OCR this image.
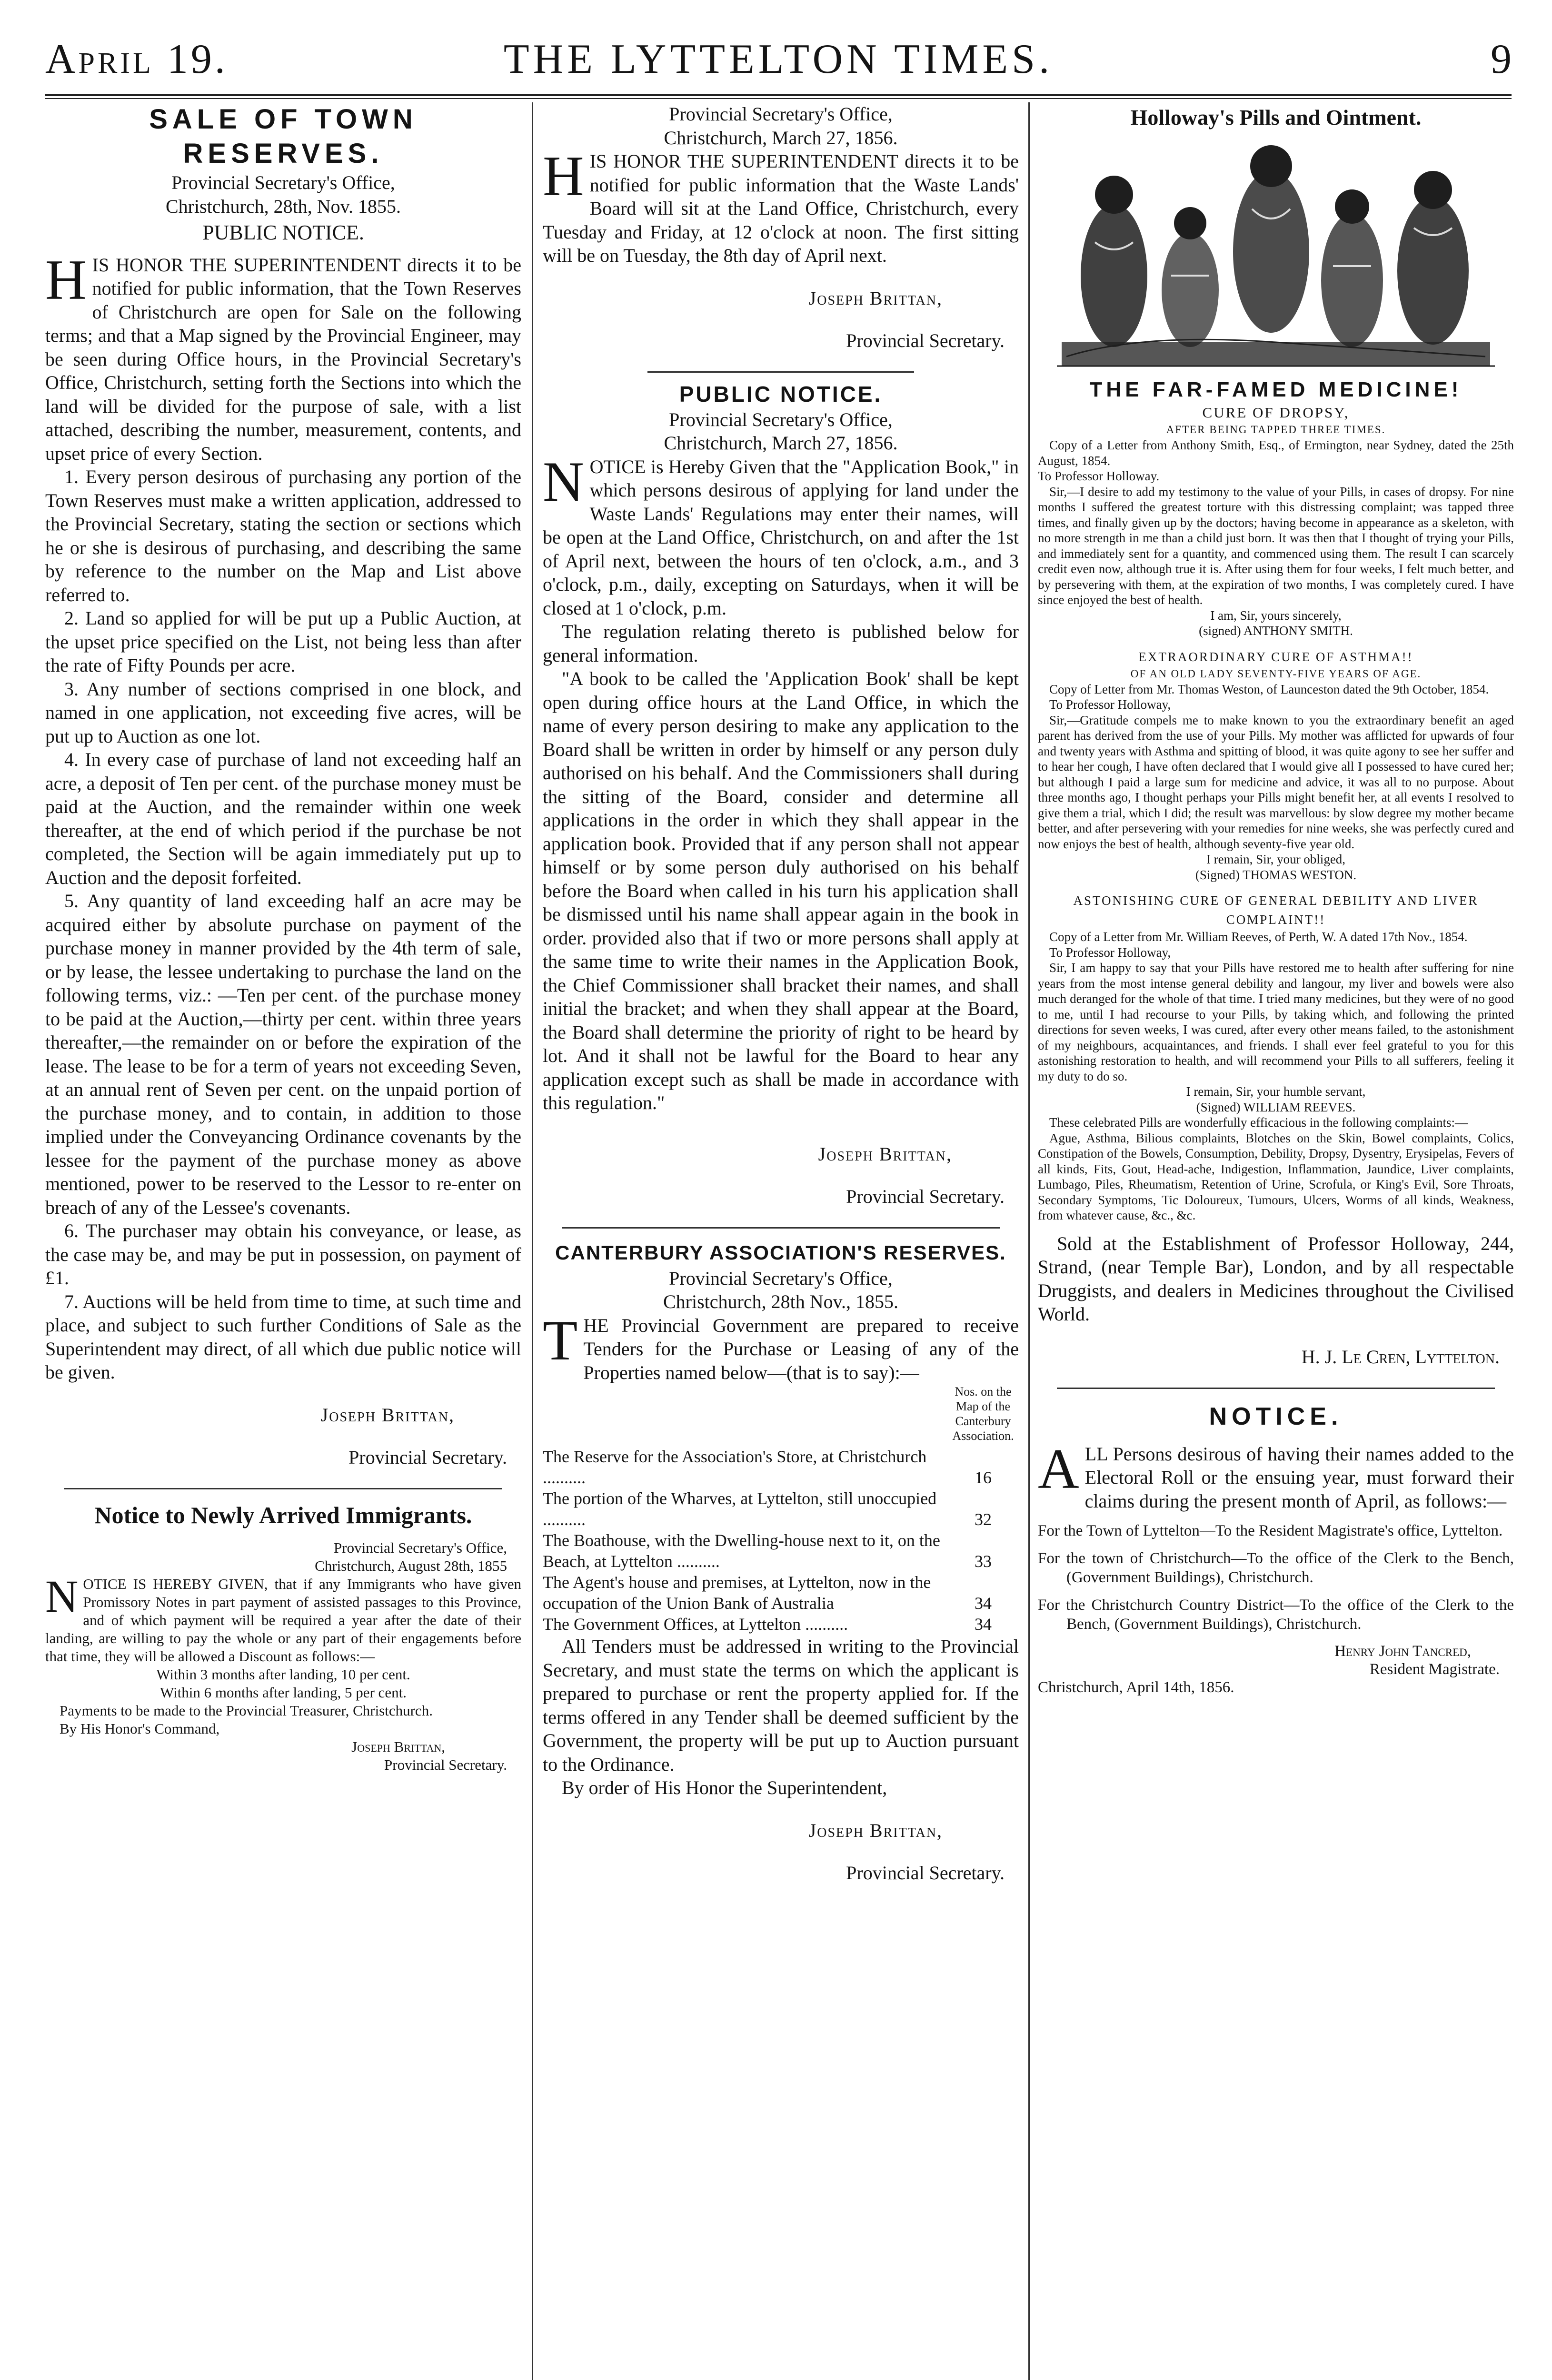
April 19.	THE LYTTELTON TIMES.	9

SALE OF TOWN RESERVES.

Provincial Secretary's Office,

Christchurch, 28th, Nov. 1855.

PUBLIC NOTICE.

HIS HONOR THE SUPERINTENDENT directs it to be notified for public information, that the Town Reserves of Christchurch are open for Sale on the following terms; and that a Map signed by the Provincial Engineer, may be seen during Office hours, in the Provincial Secretary's Office, Christchurch, setting forth the Sections into which the land will be divided for the purpose of sale, with a list attached, describing the number, measurement, contents, and upset price of every Section.

1. Every person desirous of purchasing any portion of the Town Reserves must make a written application, addressed to the Provincial Secretary, stating the section or sections which he or she is desirous of purchasing, and describing the same by reference to the number on the Map and List above referred to.

2. Land so applied for will be put up a Public Auction, at the upset price specified on the List, not being less than after the rate of Fifty Pounds per acre.

3. Any number of sections comprised in one block, and named in one application, not exceeding five acres, will be put up to Auction as one lot.

4. In every case of purchase of land not exceeding half an acre, a deposit of Ten per cent. of the purchase money must be paid at the Auction, and the remainder within one week thereafter, at the end of which period if the purchase be not completed, the Section will be again immediately put up to Auction and the deposit forfeited.

5. Any quantity of land exceeding half an acre may be acquired either by absolute purchase on payment of the purchase money in manner provided by the 4th term of sale, or by lease, the lessee undertaking to purchase the land on the following terms, viz.: —Ten per cent. of the purchase money to be paid at the Auction,—thirty per cent. within three years thereafter,—the remainder on or before the expiration of the lease. The lease to be for a term of years not exceeding Seven, at an annual rent of Seven per cent. on the unpaid portion of the purchase money, and to contain, in addition to those implied under the Conveyancing Ordinance covenants by the lessee for the payment of the purchase money as above mentioned, power to be reserved to the Lessor to re-enter on breach of any of the Lessee's covenants.

6. The purchaser may obtain his conveyance, or lease, as the case may be, and may be put in possession, on payment of £1.

7. Auctions will be held from time to time, at such time and place, and subject to such further Conditions of Sale as the Superintendent may direct, of all which due public notice will be given.

Joseph Brittan,

Provincial Secretary.

Notice to Newly Arrived Immigrants.

Provincial Secretary's Office,

Christchurch, August 28th, 1855

NOTICE IS HEREBY GIVEN, that if any Immigrants who have given Promissory Notes in part payment of assisted passages to this Province, and of which payment will be required a year after the date of their landing, are willing to pay the whole or any part of their engagements before that time, they will be allowed a Discount as follows:—

Within 3 months after landing, 10 per cent.

Within 6 months after landing, 5 per cent.

Payments to be made to the Provincial Treasurer, Christchurch.

By His Honor's Command,

Joseph Brittan,

Provincial Secretary.

Provincial Secretary's Office,

Christchurch, March 27, 1856.

HIS HONOR THE SUPERINTENDENT directs it to be notified for public information that the Waste Lands' Board will sit at the Land Office, Christchurch, every Tuesday and Friday, at 12 o'clock at noon. The first sitting will be on Tuesday, the 8th day of April next.

Joseph Brittan,

Provincial Secretary.

PUBLIC NOTICE.

Provincial Secretary's Office,

Christchurch, March 27, 1856.

NOTICE is Hereby Given that the "Application Book," in which persons desirous of applying for land under the Waste Lands' Regulations may enter their names, will be open at the Land Office, Christchurch, on and after the 1st of April next, between the hours of ten o'clock, a.m., and 3 o'clock, p.m., daily, excepting on Saturdays, when it will be closed at 1 o'clock, p.m.

The regulation relating thereto is published below for general information.

"A book to be called the 'Application Book' shall be kept open during office hours at the Land Office, in which the name of every person desiring to make any application to the Board shall be written in order by himself or any person duly authorised on his behalf. And the Commissioners shall during the sitting of the Board, consider and determine all applications in the order in which they shall appear in the application book. Provided that if any person shall not appear himself or by some person duly authorised on his behalf before the Board when called in his turn his application shall be dismissed until his name shall appear again in the book in order. provided also that if two or more persons shall apply at the same time to write their names in the Application Book, the Chief Commissioner shall bracket their names, and shall initial the bracket; and when they shall appear at the Board, the Board shall determine the priority of right to be heard by lot. And it shall not be lawful for the Board to hear any application except such as shall be made in accordance with this regulation."

Joseph Brittan,

Provincial Secretary.

CANTERBURY ASSOCIATION'S RESERVES.

Provincial Secretary's Office,

Christchurch, 28th Nov., 1855.

THE Provincial Government are prepared to receive Tenders for the Purchase or Leasing of any of the Properties named below—(that is to say):—

Nos. on the Map of the Canterbury Association.

The Reserve for the Association's Store, at Christchurch ..........	16
The portion of the Wharves, at Lyttelton, still unoccupied ..........	32
The Boathouse, with the Dwelling-house next to it, on the Beach, at Lyttelton ..........	33
The Agent's house and premises, at Lyttelton, now in the occupation of the Union Bank of Australia	34
The Government Offices, at Lyttelton ..........	34

All Tenders must be addressed in writing to the Provincial Secretary, and must state the terms on which the applicant is prepared to purchase or rent the property applied for. If the terms offered in any Tender shall be deemed sufficient by the Government, the property will be put up to Auction pursuant to the Ordinance.

By order of His Honor the Superintendent,

Joseph Brittan,

Provincial Secretary.

Holloway's Pills and Ointment.

THE FAR-FAMED MEDICINE!

CURE OF DROPSY,

AFTER BEING TAPPED THREE TIMES.

Copy of a Letter from Anthony Smith, Esq., of Ermington, near Sydney, dated the 25th August, 1854.

To Professor Holloway.

Sir,—I desire to add my testimony to the value of your Pills, in cases of dropsy. For nine months I suffered the greatest torture with this distressing complaint; was tapped three times, and finally given up by the doctors; having become in appearance as a skeleton, with no more strength in me than a child just born. It was then that I thought of trying your Pills, and immediately sent for a quantity, and commenced using them. The result I can scarcely credit even now, although true it is. After using them for four weeks, I felt much better, and by persevering with them, at the expiration of two months, I was completely cured. I have since enjoyed the best of health.

I am, Sir, yours sincerely,

(signed) ANTHONY SMITH.

EXTRAORDINARY CURE OF ASTHMA!!

OF AN OLD LADY SEVENTY-FIVE YEARS OF AGE.

Copy of Letter from Mr. Thomas Weston, of Launceston dated the 9th October, 1854.

To Professor Holloway,

Sir,—Gratitude compels me to make known to you the extraordinary benefit an aged parent has derived from the use of your Pills. My mother was afflicted for upwards of four and twenty years with Asthma and spitting of blood, it was quite agony to see her suffer and to hear her cough, I have often declared that I would give all I possessed to have cured her; but although I paid a large sum for medicine and advice, it was all to no purpose. About three months ago, I thought perhaps your Pills might benefit her, at all events I resolved to give them a trial, which I did; the result was marvellous: by slow degree my mother became better, and after persevering with your remedies for nine weeks, she was perfectly cured and now enjoys the best of health, although seventy-five year old.

I remain, Sir, your obliged,

(Signed) THOMAS WESTON.

ASTONISHING CURE OF GENERAL DEBILITY AND LIVER COMPLAINT!!

Copy of a Letter from Mr. William Reeves, of Perth, W. A dated 17th Nov., 1854.

To Professor Holloway,

Sir, I am happy to say that your Pills have restored me to health after suffering for nine years from the most intense general debility and langour, my liver and bowels were also much deranged for the whole of that time. I tried many medicines, but they were of no good to me, until I had recourse to your Pills, by taking which, and following the printed directions for seven weeks, I was cured, after every other means failed, to the astonishment of my neighbours, acquaintances, and friends. I shall ever feel grateful to you for this astonishing restoration to health, and will recommend your Pills to all sufferers, feeling it my duty to do so.

I remain, Sir, your humble servant,

(Signed) WILLIAM REEVES.

These celebrated Pills are wonderfully efficacious in the following complaints:—

Ague, Asthma, Bilious complaints, Blotches on the Skin, Bowel complaints, Colics, Constipation of the Bowels, Consumption, Debility, Dropsy, Dysentry, Erysipelas, Fevers of all kinds, Fits, Gout, Head-ache, Indigestion, Inflammation, Jaundice, Liver complaints, Lumbago, Piles, Rheumatism, Retention of Urine, Scrofula, or King's Evil, Sore Throats, Secondary Symptoms, Tic Doloureux, Tumours, Ulcers, Worms of all kinds, Weakness, from whatever cause, &c., &c.

Sold at the Establishment of Professor Holloway, 244, Strand, (near Temple Bar), London, and by all respectable Druggists, and dealers in Medicines throughout the Civilised World.

H. J. Le Cren, Lyttelton.

NOTICE.

ALL Persons desirous of having their names added to the Electoral Roll or the ensuing year, must forward their claims during the present month of April, as follows:—

For the Town of Lyttelton—To the Resident Magistrate's office, Lyttelton.

For the town of Christchurch—To the office of the Clerk to the Bench, (Government Buildings), Christchurch.

For the Christchurch Country District—To the office of the Clerk to the Bench, (Government Buildings), Christchurch.

Henry John Tancred,

Resident Magistrate.

Christchurch, April 14th, 1856.
